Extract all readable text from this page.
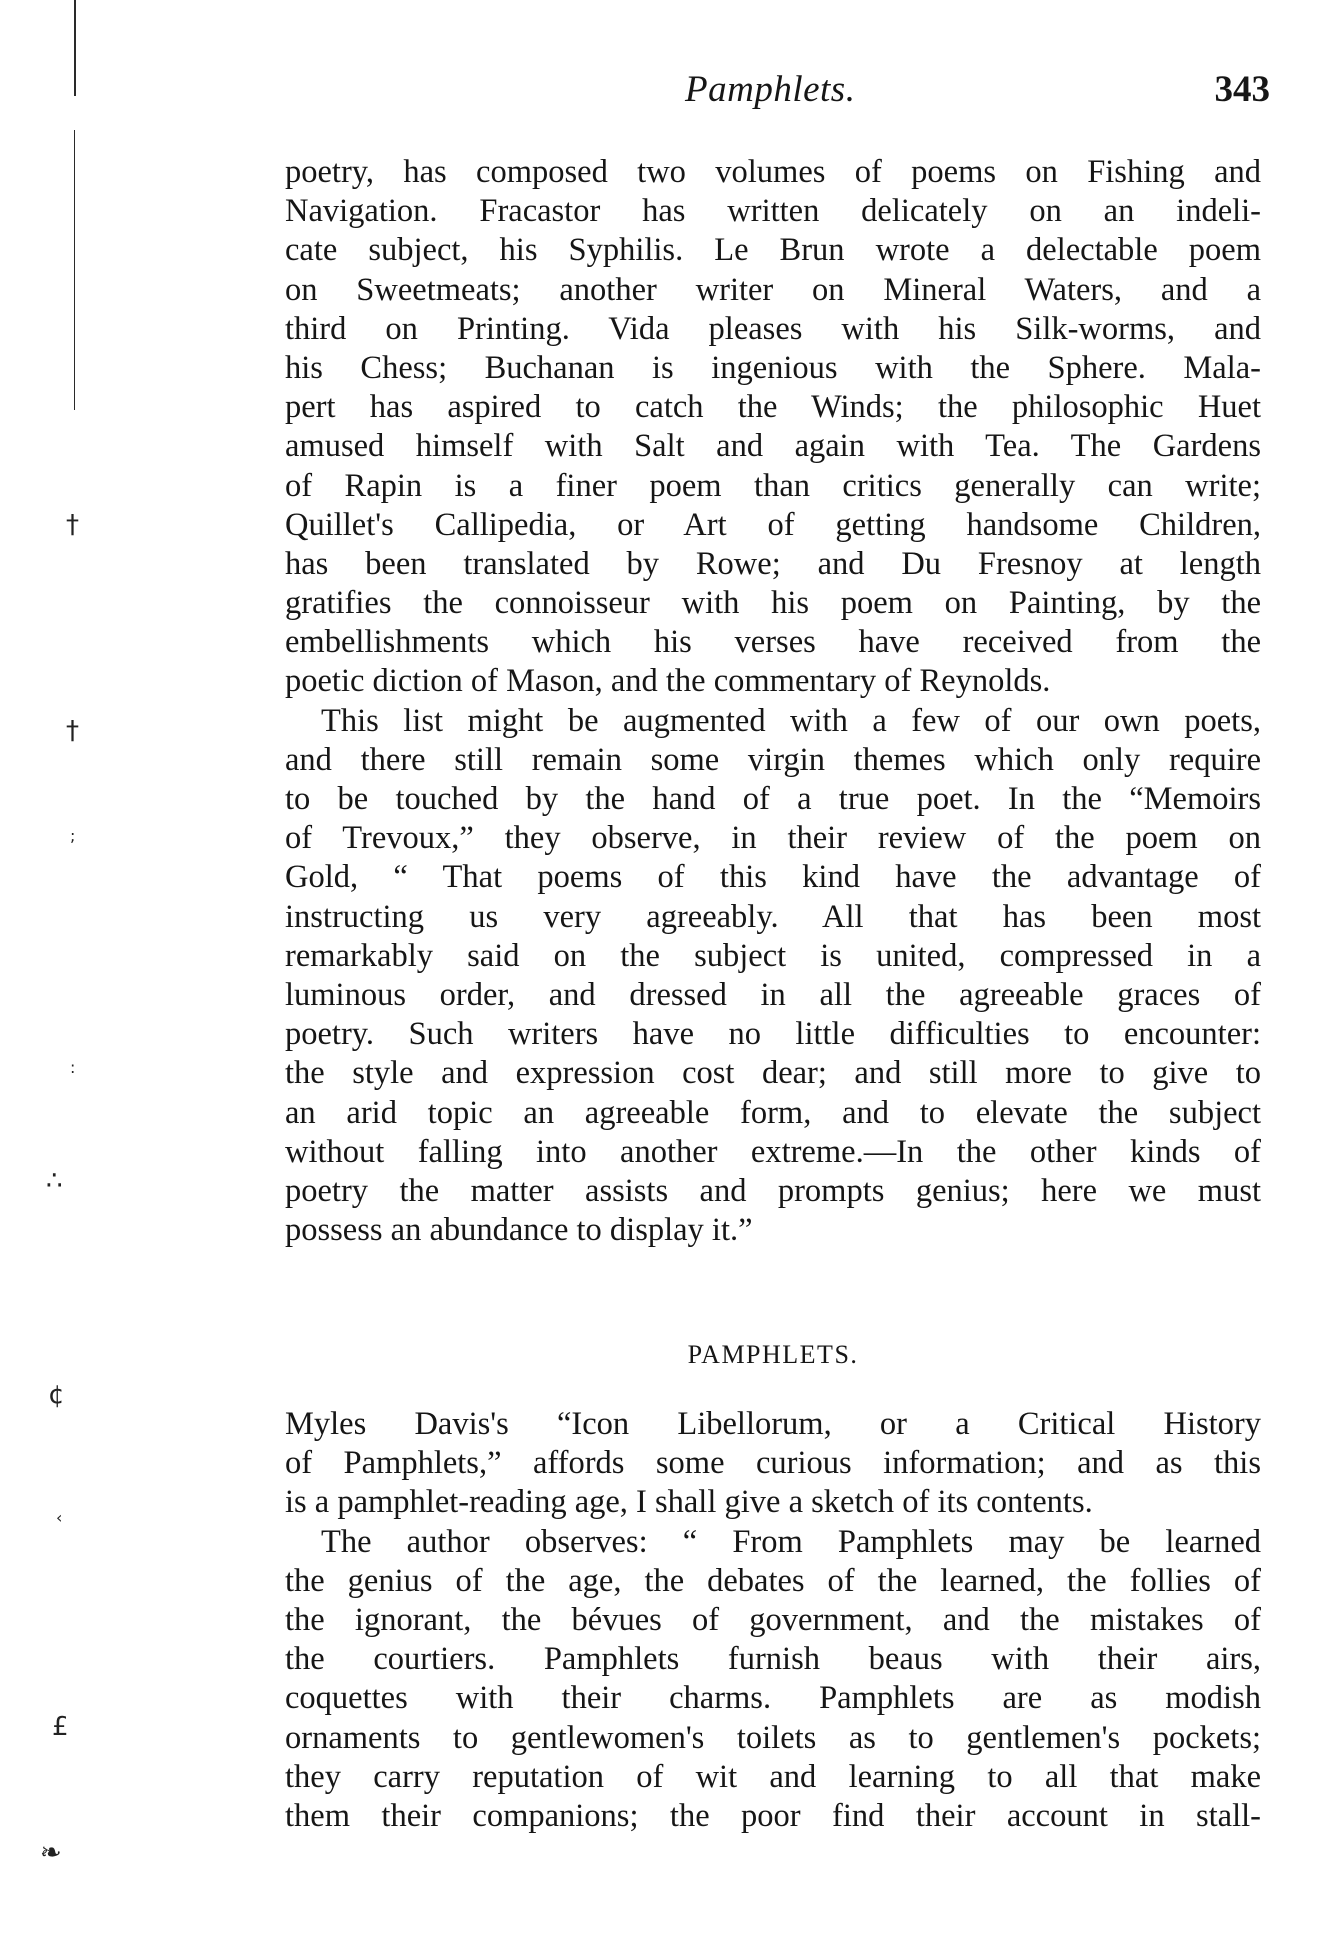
†
†
;
:
∴
¢
‹
£
❧
Pamphlets.	343
poetry, has composed two volumes of poems on Fishing and
Navigation. Fracastor has written delicately on an indeli-
cate subject, his Syphilis. Le Brun wrote a delectable poem
on Sweetmeats; another writer on Mineral Waters, and a
third on Printing. Vida pleases with his Silk-worms, and
his Chess; Buchanan is ingenious with the Sphere. Mala-
pert has aspired to catch the Winds; the philosophic Huet
amused himself with Salt and again with Tea. The Gardens
of Rapin is a finer poem than critics generally can write;
Quillet's Callipedia, or Art of getting handsome Children,
has been translated by Rowe; and Du Fresnoy at length
gratifies the connoisseur with his poem on Painting, by the
embellishments which his verses have received from the
poetic diction of Mason, and the commentary of Reynolds.
This list might be augmented with a few of our own poets,
and there still remain some virgin themes which only require
to be touched by the hand of a true poet. In the “Memoirs
of Trevoux,” they observe, in their review of the poem on
Gold, “ That poems of this kind have the advantage of
instructing us very agreeably. All that has been most
remarkably said on the subject is united, compressed in a
luminous order, and dressed in all the agreeable graces of
poetry. Such writers have no little difficulties to encounter:
the style and expression cost dear; and still more to give to
an arid topic an agreeable form, and to elevate the subject
without falling into another extreme.—In the other kinds of
poetry the matter assists and prompts genius; here we must
possess an abundance to display it.”
PAMPHLETS.
Myles Davis's “Icon Libellorum, or a Critical History
of Pamphlets,” affords some curious information; and as this
is a pamphlet-reading age, I shall give a sketch of its contents.
The author observes: “ From Pamphlets may be learned
the genius of the age, the debates of the learned, the follies of
the ignorant, the bévues of government, and the mistakes of
the courtiers. Pamphlets furnish beaus with their airs,
coquettes with their charms. Pamphlets are as modish
ornaments to gentlewomen's toilets as to gentlemen's pockets;
they carry reputation of wit and learning to all that make
them their companions; the poor find their account in stall-
